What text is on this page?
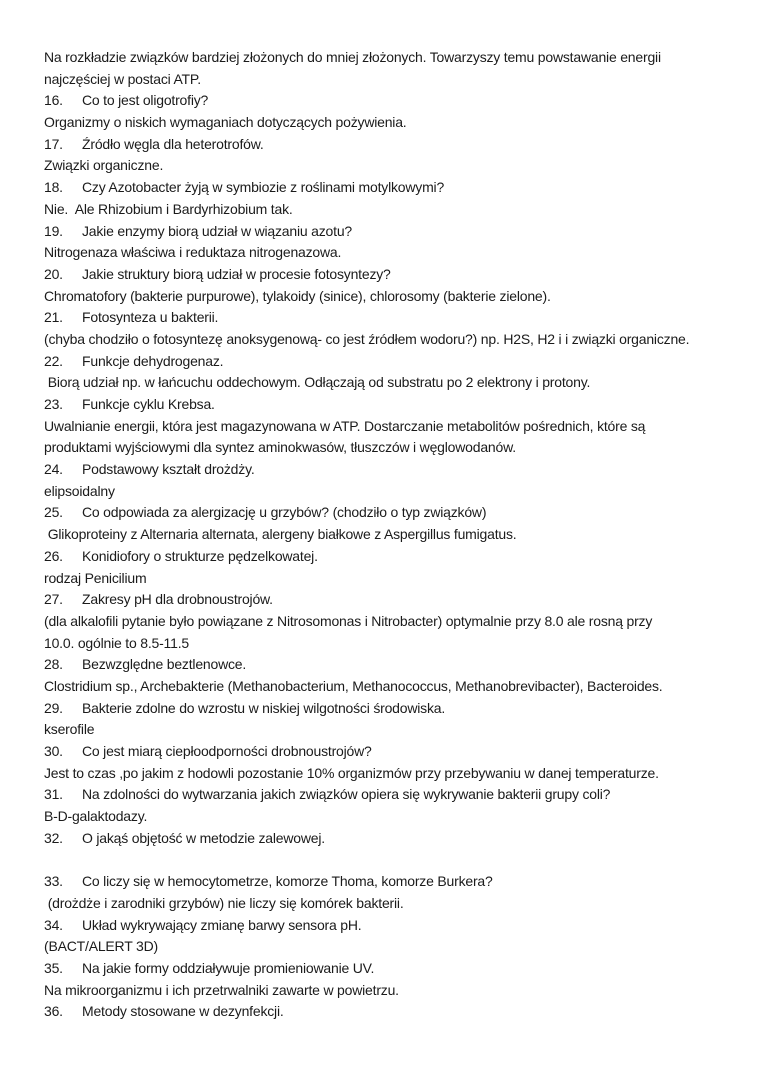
Na rozkładzie związków bardziej złożonych do mniej złożonych. Towarzyszy temu powstawanie energii
najczęściej w postaci ATP.
16. Co to jest oligotrofiy?
Organizmy o niskich wymaganiach dotyczących pożywienia.
17. Źródło węgla dla heterotrofów.
Związki organiczne.
18. Czy Azotobacter żyją w symbiozie z roślinami motylkowymi?
Nie.  Ale Rhizobium i Bardyrhizobium tak.
19. Jakie enzymy biorą udział w wiązaniu azotu?
Nitrogenaza właściwa i reduktaza nitrogenazowa.
20. Jakie struktury biorą udział w procesie fotosyntezy?
Chromatofory (bakterie purpurowe), tylakoidy (sinice), chlorosomy (bakterie zielone).
21. Fotosynteza u bakterii.
(chyba chodziło o fotosyntezę anoksygenową- co jest źródłem wodoru?) np. H2S, H2 i i związki organiczne.
22. Funkcje dehydrogenaz.
Biorą udział np. w łańcuchu oddechowym. Odłączają od substratu po 2 elektrony i protony.
23. Funkcje cyklu Krebsa.
Uwalnianie energii, która jest magazynowana w ATP. Dostarczanie metabolitów pośrednich, które są
produktami wyjściowymi dla syntez aminokwasów, tłuszczów i węglowodanów.
24. Podstawowy kształt drożdży.
elipsoidalny
25. Co odpowiada za alergizację u grzybów? (chodziło o typ związków)
Glikoproteiny z Alternaria alternata, alergeny białkowe z Aspergillus fumigatus.
26. Konidiofory o strukturze pędzelkowatej.
rodzaj Penicilium
27. Zakresy pH dla drobnoustrojów.
(dla alkalofili pytanie było powiązane z Nitrosomonas i Nitrobacter) optymalnie przy 8.0 ale rosną przy
10.0. ogólnie to 8.5-11.5
28. Bezwzględne beztlenowce.
Clostridium sp., Archebakterie (Methanobacterium, Methanococcus, Methanobrevibacter), Bacteroides.
29. Bakterie zdolne do wzrostu w niskiej wilgotności środowiska.
kserofile
30. Co jest miarą ciepłoodporności drobnoustrojów?
Jest to czas ,po jakim z hodowli pozostanie 10% organizmów przy przebywaniu w danej temperaturze.
31. Na zdolności do wytwarzania jakich związków opiera się wykrywanie bakterii grupy coli?
B-D-galaktodazy.
32. O jakąś objętość w metodzie zalewowej.
33. Co liczy się w hemocytometrze, komorze Thoma, komorze Burkera?
(drożdże i zarodniki grzybów) nie liczy się komórek bakterii.
34. Układ wykrywający zmianę barwy sensora pH.
(BACT/ALERT 3D)
35. Na jakie formy oddziaływuje promieniowanie UV.
Na mikroorganizmu i ich przetrwalniki zawarte w powietrzu.
36. Metody stosowane w dezynfekcji.
